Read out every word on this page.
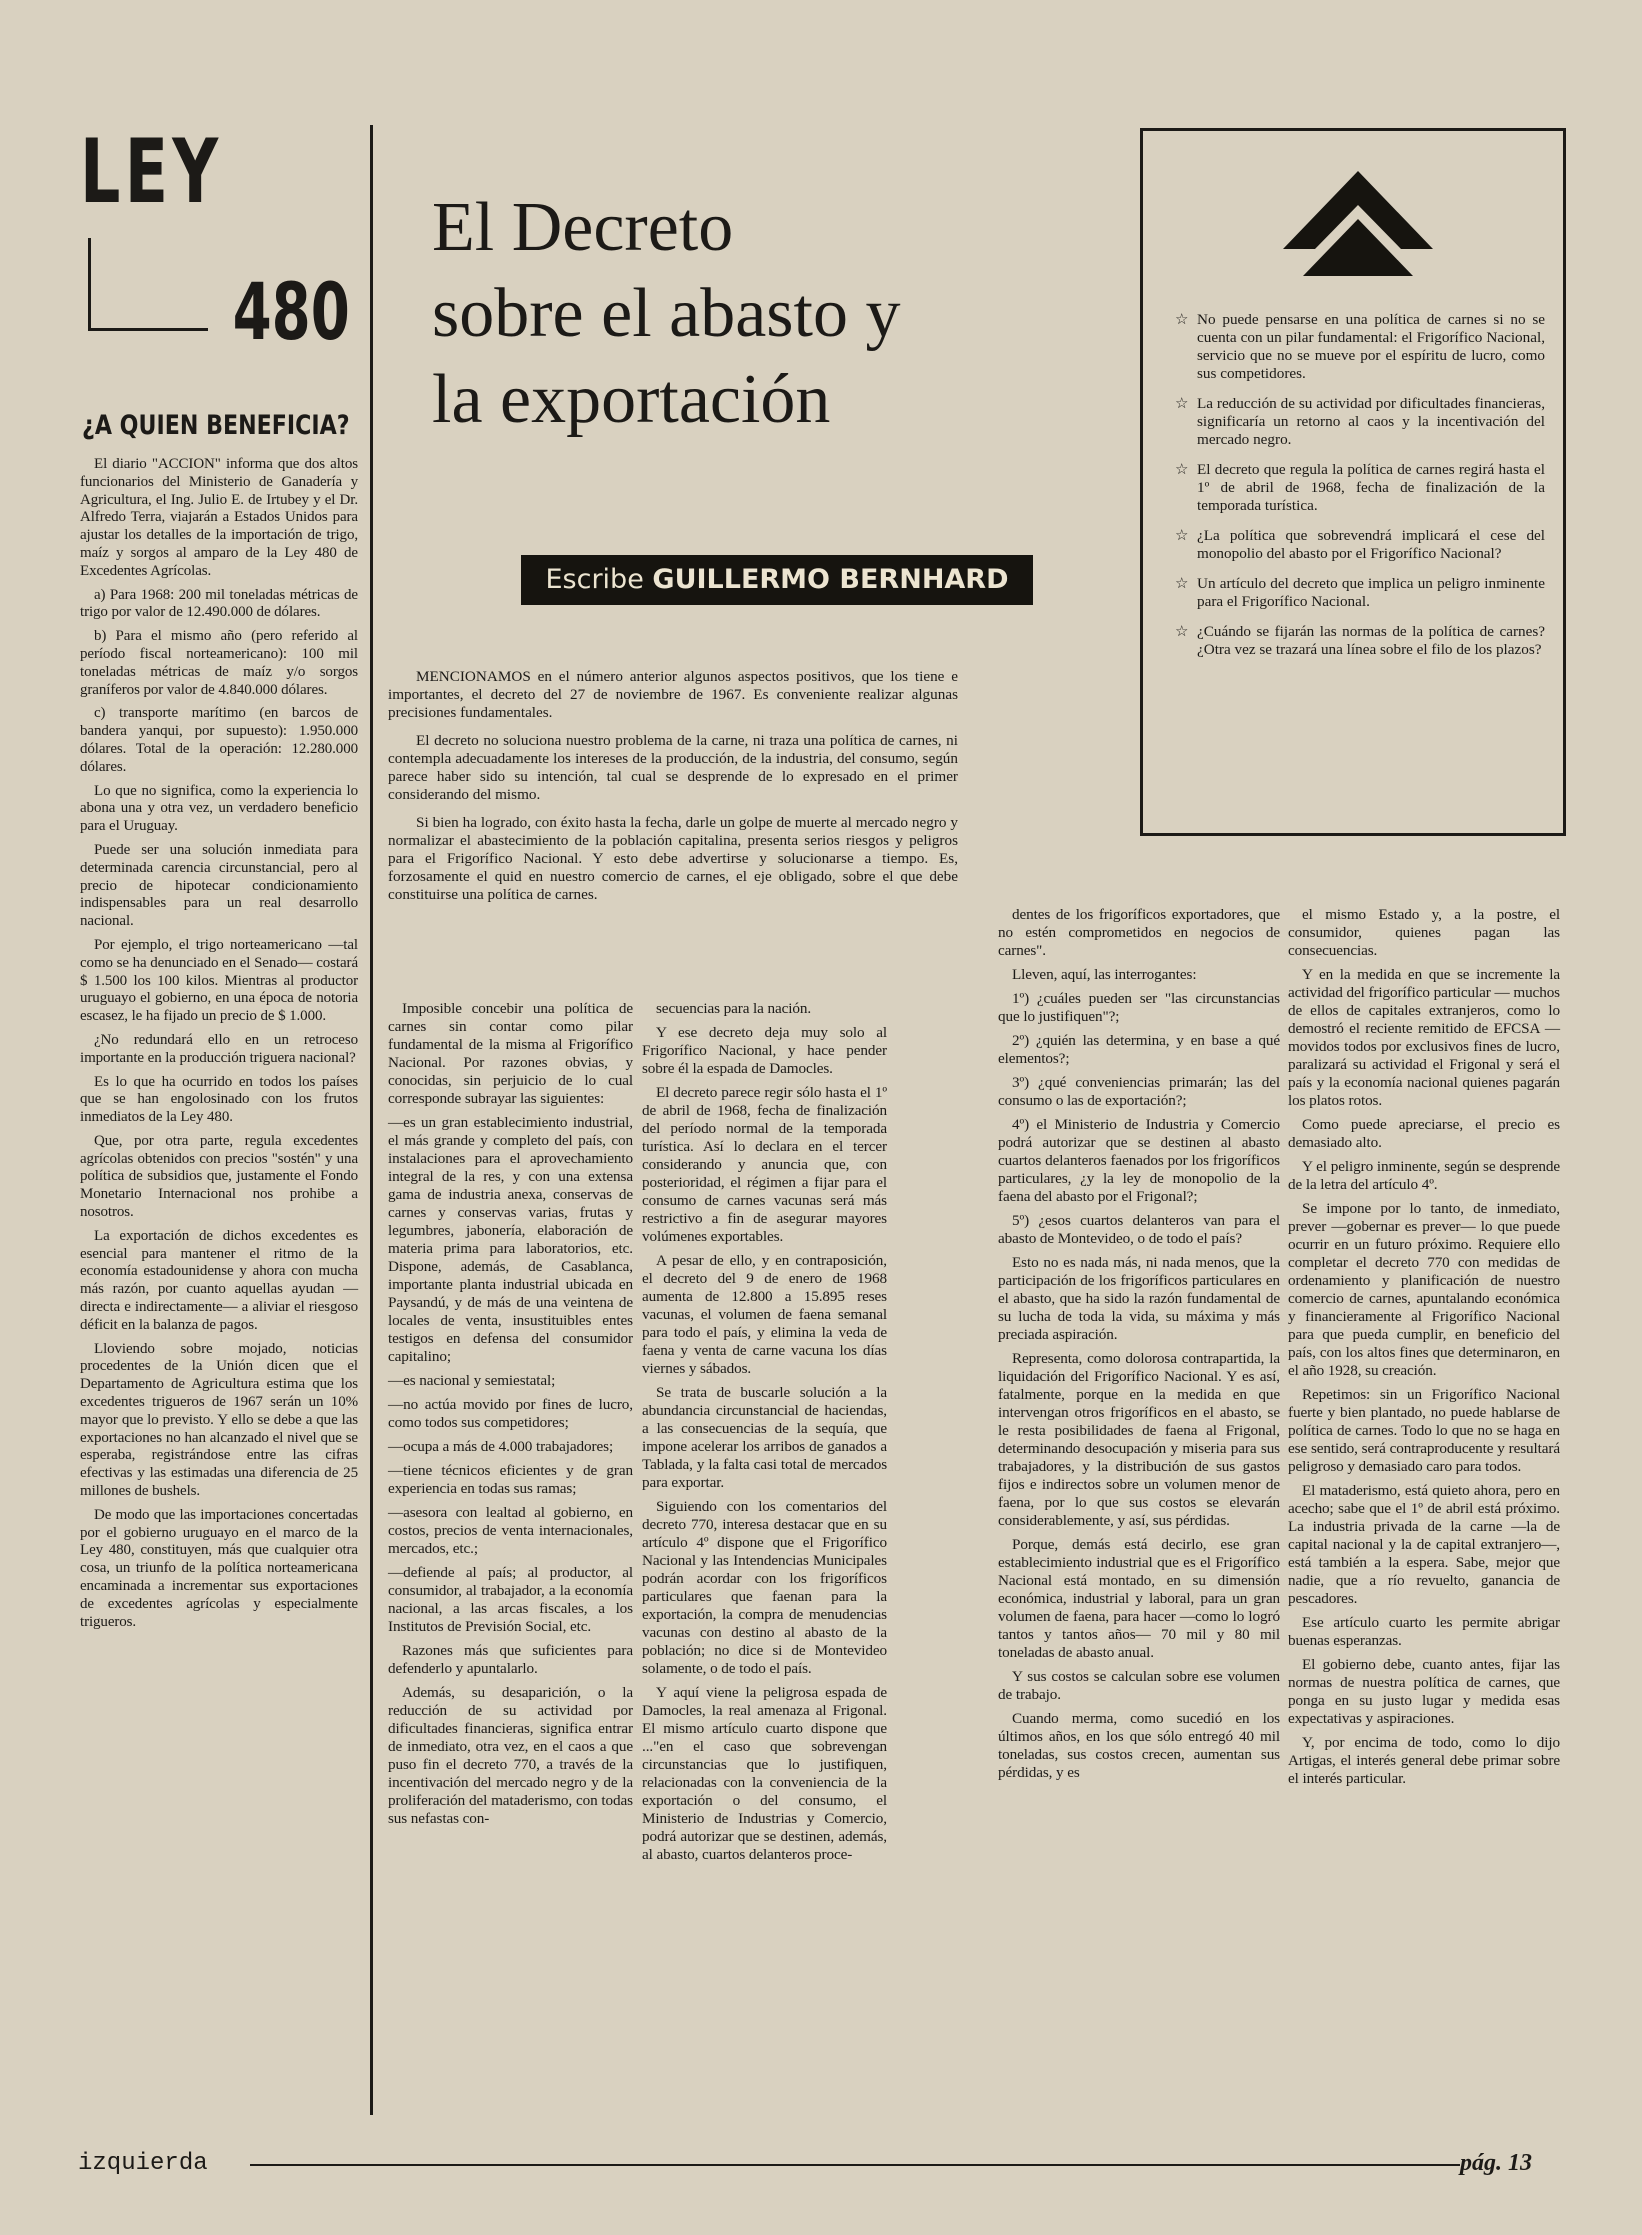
LEY
480
¿A QUIEN BENEFICIA?

El diario "ACCION" informa que dos altos funcionarios del Ministerio de Ganadería y Agricultura, el Ing. Julio E. de Irtubey y el Dr. Alfredo Terra, viajarán a Estados Unidos para ajustar los detalles de la importación de trigo, maíz y sorgos al amparo de la Ley 480 de Excedentes Agrícolas.

a) Para 1968: 200 mil toneladas métricas de trigo por valor de 12.490.000 de dólares.

b) Para el mismo año (pero referido al período fiscal norteamericano): 100 mil toneladas métricas de maíz y/o sorgos graníferos por valor de 4.840.000 dólares.

c) transporte marítimo (en barcos de bandera yanqui, por supuesto): 1.950.000 dólares. Total de la operación: 12.280.000 dólares.

Lo que no significa, como la experiencia lo abona una y otra vez, un verdadero beneficio para el Uruguay.

Puede ser una solución inmediata para determinada carencia circunstancial, pero al precio de hipotecar condicionamiento indispensables para un real desarrollo nacional.

Por ejemplo, el trigo norteamericano —tal como se ha denunciado en el Senado— costará $ 1.500 los 100 kilos. Mientras al productor uruguayo el gobierno, en una época de notoria escasez, le ha fijado un precio de $ 1.000.

¿No redundará ello en un retroceso importante en la producción triguera nacional?

Es lo que ha ocurrido en todos los países que se han engolosinado con los frutos inmediatos de la Ley 480.

Que, por otra parte, regula excedentes agrícolas obtenidos con precios "sostén" y una política de subsidios que, justamente el Fondo Monetario Internacional nos prohibe a nosotros.

La exportación de dichos excedentes es esencial para mantener el ritmo de la economía estadounidense y ahora con mucha más razón, por cuanto aquellas ayudan —directa e indirectamente— a aliviar el riesgoso déficit en la balanza de pagos.

Lloviendo sobre mojado, noticias procedentes de la Unión dicen que el Departamento de Agricultura estima que los excedentes trigueros de 1967 serán un 10% mayor que lo previsto. Y ello se debe a que las exportaciones no han alcanzado el nivel que se esperaba, registrándose entre las cifras efectivas y las estimadas una diferencia de 25 millones de bushels.

De modo que las importaciones concertadas por el gobierno uruguayo en el marco de la Ley 480, constituyen, más que cualquier otra cosa, un triunfo de la política norteamericana encaminada a incrementar sus exportaciones de excedentes agrícolas y especialmente trigueros.

El Decreto
sobre el abasto y
la exportación
Escribe GUILLERMO BERNHARD
☆ No puede pensarse en una política de carnes si no se cuenta con un pilar fundamental: el Frigorífico Nacional, servicio que no se mueve por el espíritu de lucro, como sus competidores.
☆ La reducción de su actividad por dificultades financieras, significaría un retorno al caos y la incentivación del mercado negro.
☆ El decreto que regula la política de carnes regirá hasta el 1º de abril de 1968, fecha de finalización de la temporada turística.
☆ ¿La política que sobrevendrá implicará el cese del monopolio del abasto por el Frigorífico Nacional?
☆ Un artículo del decreto que implica un peligro inminente para el Frigorífico Nacional.
☆ ¿Cuándo se fijarán las normas de la política de carnes? ¿Otra vez se trazará una línea sobre el filo de los plazos?

MENCIONAMOS en el número anterior algunos aspectos positivos, que los tiene e importantes, el decreto del 27 de noviembre de 1967. Es conveniente realizar algunas precisiones fundamentales.

El decreto no soluciona nuestro problema de la carne, ni traza una política de carnes, ni contempla adecuadamente los intereses de la producción, de la industria, del consumo, según parece haber sido su intención, tal cual se desprende de lo expresado en el primer considerando del mismo.

Si bien ha logrado, con éxito hasta la fecha, darle un golpe de muerte al mercado negro y normalizar el abastecimiento de la población capitalina, presenta serios riesgos y peligros para el Frigorífico Nacional. Y esto debe advertirse y solucionarse a tiempo. Es, forzosamente el quid en nuestro comercio de carnes, el eje obligado, sobre el que debe constituirse una política de carnes.

Imposible concebir una política de carnes sin contar como pilar fundamental de la misma al Frigorífico Nacional. Por razones obvias, y conocidas, sin perjuicio de lo cual corresponde subrayar las siguientes:

—es un gran establecimiento industrial, el más grande y completo del país, con instalaciones para el aprovechamiento integral de la res, y con una extensa gama de industria anexa, conservas de carnes y conservas varias, frutas y legumbres, jabonería, elaboración de materia prima para laboratorios, etc. Dispone, además, de Casablanca, importante planta industrial ubicada en Paysandú, y de más de una veintena de locales de venta, insustituibles entes testigos en defensa del consumidor capitalino;

—es nacional y semiestatal;

—no actúa movido por fines de lucro, como todos sus competidores;

—ocupa a más de 4.000 trabajadores;

—tiene técnicos eficientes y de gran experiencia en todas sus ramas;

—asesora con lealtad al gobierno, en costos, precios de venta internacionales, mercados, etc.;

—defiende al país; al productor, al consumidor, al trabajador, a la economía nacional, a las arcas fiscales, a los Institutos de Previsión Social, etc.

Razones más que suficientes para defenderlo y apuntalarlo.

Además, su desaparición, o la reducción de su actividad por dificultades financieras, significa entrar de inmediato, otra vez, en el caos a que puso fin el decreto 770, a través de la incentivación del mercado negro y de la proliferación del mataderismo, con todas sus nefastas con-

secuencias para la nación.

Y ese decreto deja muy solo al Frigorífico Nacional, y hace pender sobre él la espada de Damocles.

El decreto parece regir sólo hasta el 1º de abril de 1968, fecha de finalización del período normal de la temporada turística. Así lo declara en el tercer considerando y anuncia que, con posterioridad, el régimen a fijar para el consumo de carnes vacunas será más restrictivo a fin de asegurar mayores volúmenes exportables.

A pesar de ello, y en contraposición, el decreto del 9 de enero de 1968 aumenta de 12.800 a 15.895 reses vacunas, el volumen de faena semanal para todo el país, y elimina la veda de faena y venta de carne vacuna los días viernes y sábados.

Se trata de buscarle solución a la abundancia circunstancial de haciendas, a las consecuencias de la sequía, que impone acelerar los arribos de ganados a Tablada, y la falta casi total de mercados para exportar.

Siguiendo con los comentarios del decreto 770, interesa destacar que en su artículo 4º dispone que el Frigorífico Nacional y las Intendencias Municipales podrán acordar con los frigoríficos particulares que faenan para la exportación, la compra de menudencias vacunas con destino al abasto de la población; no dice si de Montevideo solamente, o de todo el país.

Y aquí viene la peligrosa espada de Damocles, la real amenaza al Frigonal. El mismo artículo cuarto dispone que ..."en el caso que sobrevengan circunstancias que lo justifiquen, relacionadas con la conveniencia de la exportación o del consumo, el Ministerio de Industrias y Comercio, podrá autorizar que se destinen, además, al abasto, cuartos delanteros proce-

dentes de los frigoríficos exportadores, que no estén comprometidos en negocios de carnes".

Lleven, aquí, las interrogantes:

1º) ¿cuáles pueden ser "las circunstancias que lo justifiquen"?;

2º) ¿quién las determina, y en base a qué elementos?;

3º) ¿qué conveniencias primarán; las del consumo o las de exportación?;

4º) el Ministerio de Industria y Comercio podrá autorizar que se destinen al abasto cuartos delanteros faenados por los frigoríficos particulares, ¿y la ley de monopolio de la faena del abasto por el Frigonal?;

5º) ¿esos cuartos delanteros van para el abasto de Montevideo, o de todo el país?

Esto no es nada más, ni nada menos, que la participación de los frigoríficos particulares en el abasto, que ha sido la razón fundamental de su lucha de toda la vida, su máxima y más preciada aspiración.

Representa, como dolorosa contrapartida, la liquidación del Frigorífico Nacional. Y es así, fatalmente, porque en la medida en que intervengan otros frigoríficos en el abasto, se le resta posibilidades de faena al Frigonal, determinando desocupación y miseria para sus trabajadores, y la distribución de sus gastos fijos e indirectos sobre un volumen menor de faena, por lo que sus costos se elevarán considerablemente, y así, sus pérdidas.

Porque, demás está decirlo, ese gran establecimiento industrial que es el Frigorífico Nacional está montado, en su dimensión económica, industrial y laboral, para un gran volumen de faena, para hacer —como lo logró tantos y tantos años— 70 mil y 80 mil toneladas de abasto anual.

Y sus costos se calculan sobre ese volumen de trabajo.

Cuando merma, como sucedió en los últimos años, en los que sólo entregó 40 mil toneladas, sus costos crecen, aumentan sus pérdidas, y es

el mismo Estado y, a la postre, el consumidor, quienes pagan las consecuencias.

Y en la medida en que se incremente la actividad del frigorífico particular — muchos de ellos de capitales extranjeros, como lo demostró el reciente remitido de EFCSA — movidos todos por exclusivos fines de lucro, paralizará su actividad el Frigonal y será el país y la economía nacional quienes pagarán los platos rotos.

Como puede apreciarse, el precio es demasiado alto.

Y el peligro inminente, según se desprende de la letra del artículo 4º.

Se impone por lo tanto, de inmediato, prever —gobernar es prever— lo que puede ocurrir en un futuro próximo. Requiere ello completar el decreto 770 con medidas de ordenamiento y planificación de nuestro comercio de carnes, apuntalando económica y financieramente al Frigorífico Nacional para que pueda cumplir, en beneficio del país, con los altos fines que determinaron, en el año 1928, su creación.

Repetimos: sin un Frigorífico Nacional fuerte y bien plantado, no puede hablarse de política de carnes. Todo lo que no se haga en ese sentido, será contraproducente y resultará peligroso y demasiado caro para todos.

El mataderismo, está quieto ahora, pero en acecho; sabe que el 1º de abril está próximo. La industria privada de la carne —la de capital nacional y la de capital extranjero—, está también a la espera. Sabe, mejor que nadie, que a río revuelto, ganancia de pescadores.

Ese artículo cuarto les permite abrigar buenas esperanzas.

El gobierno debe, cuanto antes, fijar las normas de nuestra política de carnes, que ponga en su justo lugar y medida esas expectativas y aspiraciones.

Y, por encima de todo, como lo dijo Artigas, el interés general debe primar sobre el interés particular.

izquierda	pág. 13
